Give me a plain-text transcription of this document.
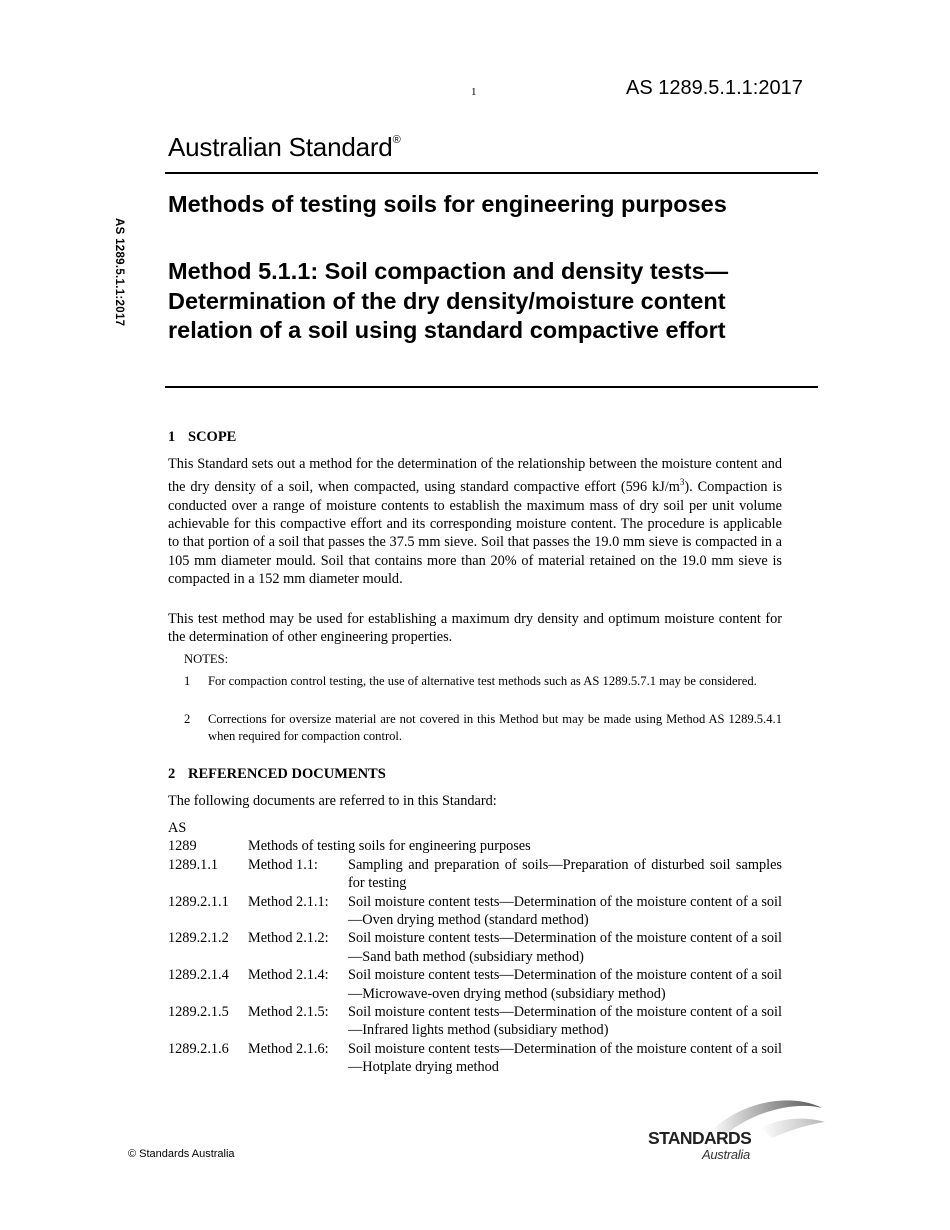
1	AS 1289.5.1.1:2017
Australian Standard®
AS 1289.5.1.1:2017
Methods of testing soils for engineering purposes
Method 5.1.1: Soil compaction and density tests—Determination of the dry density/moisture content relation of a soil using standard compactive effort
1 SCOPE
This Standard sets out a method for the determination of the relationship between the moisture content and the dry density of a soil, when compacted, using standard compactive effort (596 $kJ/m^3$). Compaction is conducted over a range of moisture contents to establish the maximum mass of dry soil per unit volume achievable for this compactive effort and its corresponding moisture content. The procedure is applicable to that portion of a soil that passes the 37.5 mm sieve. Soil that passes the 19.0 mm sieve is compacted in a 105 mm diameter mould. Soil that contains more than 20% of material retained on the 19.0 mm sieve is compacted in a 152 mm diameter mould.
This test method may be used for establishing a maximum dry density and optimum moisture content for the determination of other engineering properties.
NOTES:
1	For compaction control testing, the use of alternative test methods such as AS 1289.5.7.1 may be considered.
2	Corrections for oversize material are not covered in this Method but may be made using Method AS 1289.5.4.1 when required for compaction control.
2 REFERENCED DOCUMENTS
The following documents are referred to in this Standard:
AS
1289	Methods of testing soils for engineering purposes
1289.1.1	Method 1.1:	Sampling and preparation of soils—Preparation of disturbed soil samples for testing
1289.2.1.1	Method 2.1.1:	Soil moisture content tests—Determination of the moisture content of a soil—Oven drying method (standard method)
1289.2.1.2	Method 2.1.2:	Soil moisture content tests—Determination of the moisture content of a soil—Sand bath method (subsidiary method)
1289.2.1.4	Method 2.1.4:	Soil moisture content tests—Determination of the moisture content of a soil—Microwave-oven drying method (subsidiary method)
1289.2.1.5	Method 2.1.5:	Soil moisture content tests—Determination of the moisture content of a soil—Infrared lights method (subsidiary method)
1289.2.1.6	Method 2.1.6:	Soil moisture content tests—Determination of the moisture content of a soil—Hotplate drying method
© Standards Australia
STANDARDS
Australia
